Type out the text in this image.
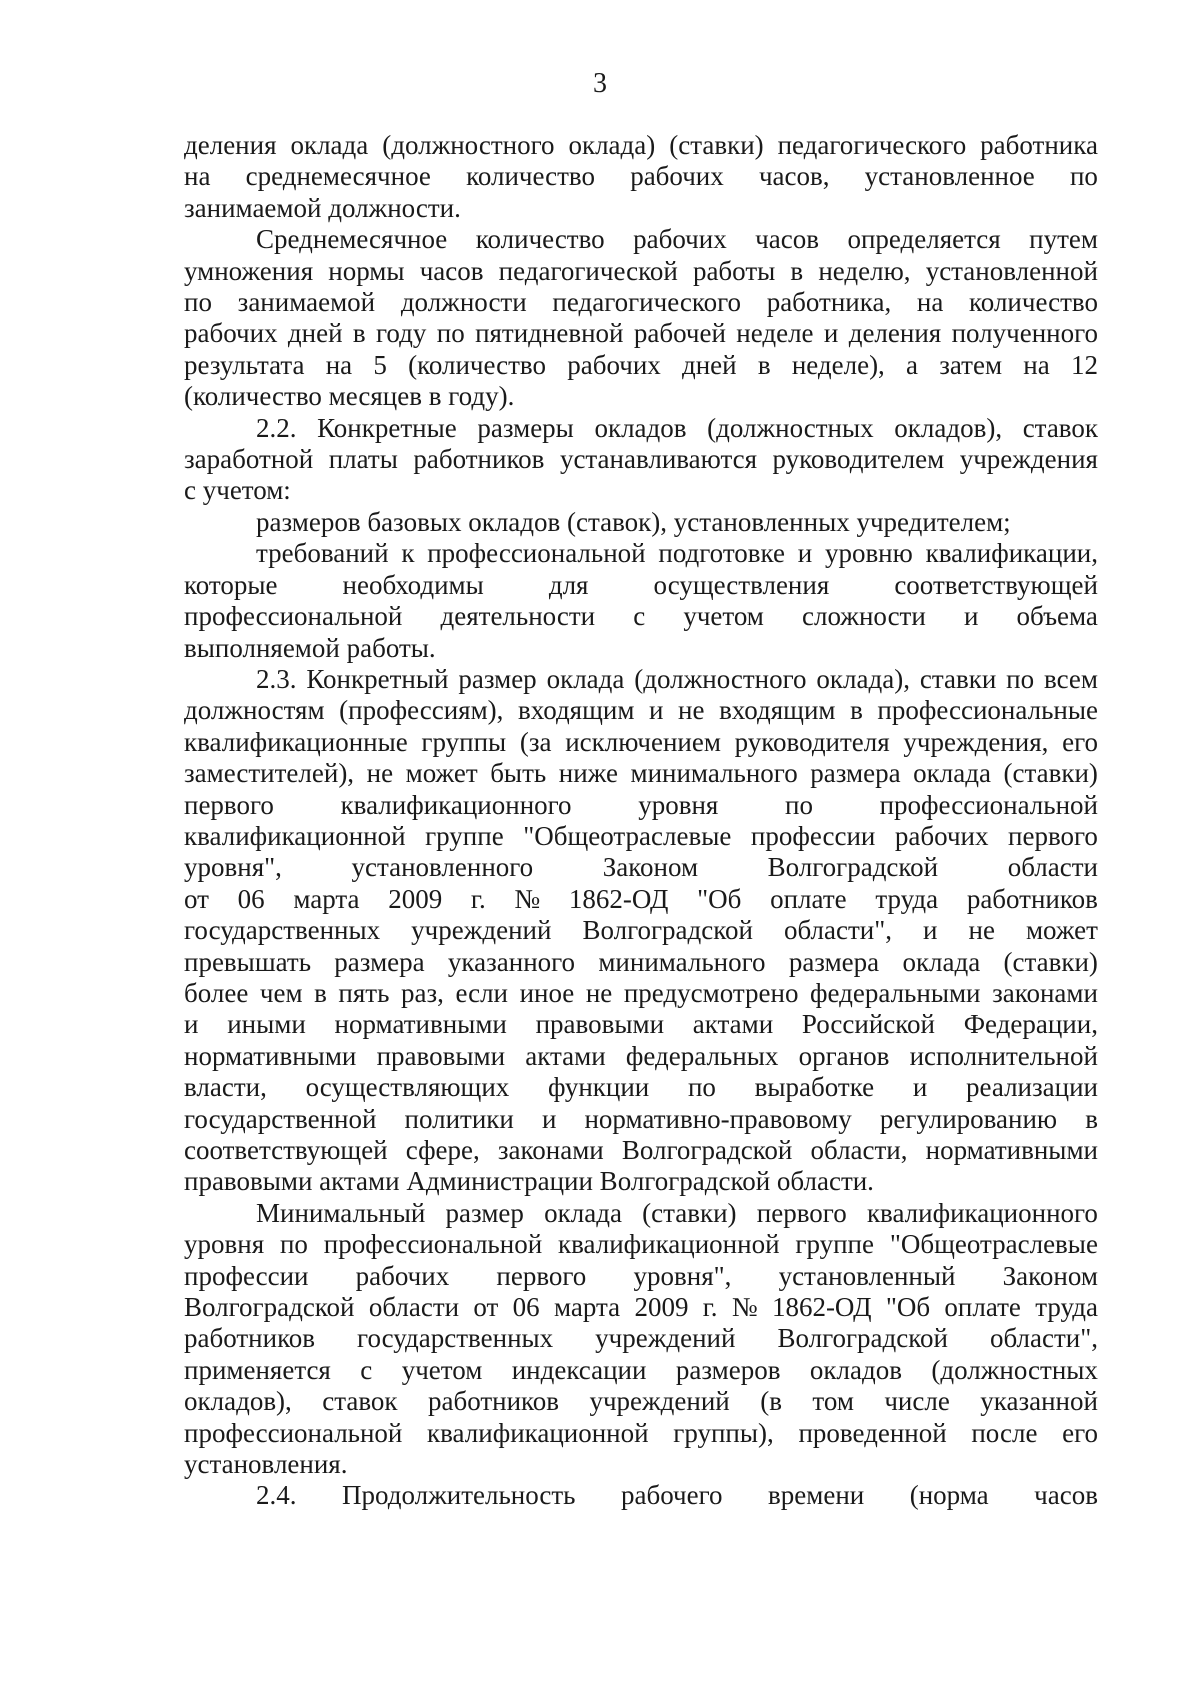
3
деления оклада (должностного оклада) (ставки) педагогического работника
на среднемесячное количество рабочих часов, установленное по
занимаемой должности.
Среднемесячное количество рабочих часов определяется путем
умножения нормы часов педагогической работы в неделю, установленной
по занимаемой должности педагогического работника, на количество
рабочих дней в году по пятидневной рабочей неделе и деления полученного
результата на 5 (количество рабочих дней в неделе), а затем на 12
(количество месяцев в году).
2.2. Конкретные размеры окладов (должностных окладов), ставок
заработной платы работников устанавливаются руководителем учреждения
с учетом:
размеров базовых окладов (ставок), установленных учредителем;
требований к профессиональной подготовке и уровню квалификации,
которые необходимы для осуществления соответствующей
профессиональной деятельности с учетом сложности и объема
выполняемой работы.
2.3. Конкретный размер оклада (должностного оклада), ставки по всем
должностям (профессиям), входящим и не входящим в профессиональные
квалификационные группы (за исключением руководителя учреждения, его
заместителей), не может быть ниже минимального размера оклада (ставки)
первого квалификационного уровня по профессиональной
квалификационной группе "Общеотраслевые профессии рабочих первого
уровня",	установленного	Законом	Волгоградской	области
от 06 марта 2009 г. № 1862-ОД "Об оплате труда работников
государственных учреждений Волгоградской области", и не может
превышать размера указанного минимального размера оклада (ставки)
более чем в пять раз, если иное не предусмотрено федеральными законами
и иными нормативными правовыми актами Российской Федерации,
нормативными правовыми актами федеральных органов исполнительной
власти, осуществляющих функции по выработке и реализации
государственной политики и нормативно-правовому регулированию в
соответствующей сфере, законами Волгоградской области, нормативными
правовыми актами Администрации Волгоградской области.
Минимальный размер оклада (ставки) первого квалификационного
уровня по профессиональной квалификационной группе "Общеотраслевые
профессии рабочих первого уровня", установленный Законом
Волгоградской области от 06 марта 2009 г. № 1862-ОД "Об оплате труда
работников государственных учреждений Волгоградской области",
применяется с учетом индексации размеров окладов (должностных
окладов), ставок работников учреждений (в том числе указанной
профессиональной квалификационной группы), проведенной после его
установления.
2.4. Продолжительность рабочего времени (норма часов
